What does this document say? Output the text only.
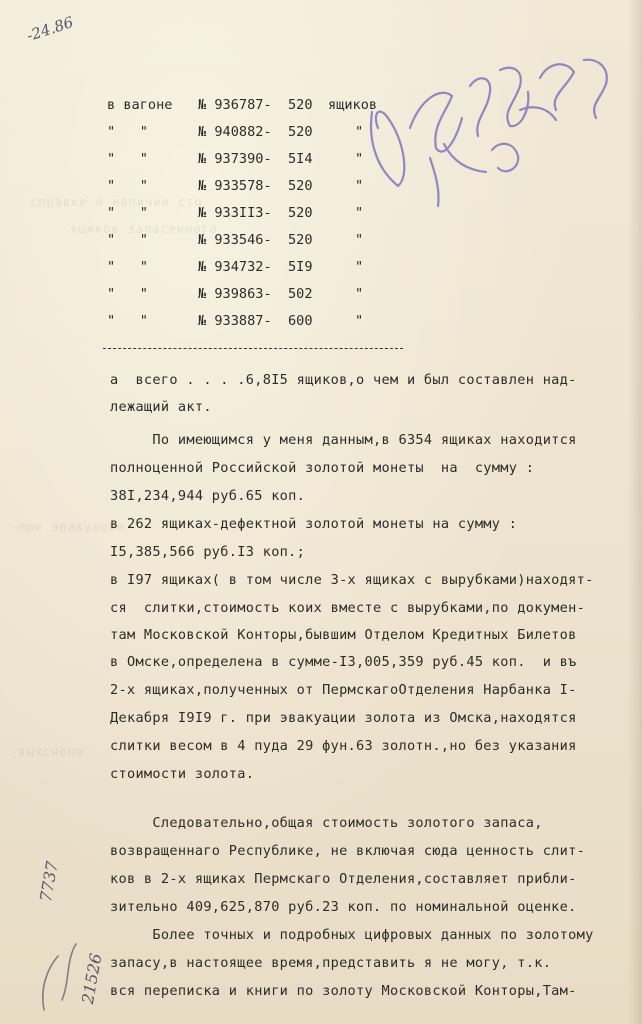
справке о наличии сто
ящиков запасенного
-при эвакуации
-выяснено
-24.86
в вагоне № 936787- 520 ящиков
"   "	№ 940882- 520	"
"   "	№ 937390- 5I4	"
"   "	№ 933578- 520	"
"   "	№ 933II3- 520	"
"   "	№ 933546- 520	"
"   "	№ 934732- 5I9	"
"   "	№ 939863- 502	"
"   "	№ 933887- 600	"
а  всего . . . .6,8I5 ящиков,о чем и был составлен над-
лежащий акт.
По имеющимся у меня данным,в 6354 ящиках находится
полноценной Российской золотой монеты  на  сумму :
38I,234,944 руб.65 коп.
в 262 ящиках-дефектной золотой монеты на сумму :
I5,385,566 руб.I3 коп.;
в I97 ящиках( в том числе 3-х ящиках с вырубками)находят-
ся  слитки,стоимость коих вместе с вырубками,по докумен-
там Московской Конторы,бывшим Отделом Кредитных Билетов
в Омске,определена в сумме-I3,005,359 руб.45 коп.  и въ
2-х ящиках,полученных от ПермскагоОтделения Нарбанка I-
Декабря I9I9 г. при эвакуации золота из Омска,находятся
слитки весом в 4 пуда 29 фун.63 золотн.,но без указания
стоимости золота.
Следовательно,общая стоимость золотого запаса,
возвращеннаго Республике, не включая сюда ценность слит-
ков в 2-х ящиках Пермскаго Отделения,составляет прибли-
зительно 409,625,870 руб.23 коп. по номинальной оценке.
Более точных и подробных цифровых данных по золотому
запасу,в настоящее время,представить я не могу, т.к.
вся переписка и книги по золоту Московской Конторы,Там-
7737
21526
